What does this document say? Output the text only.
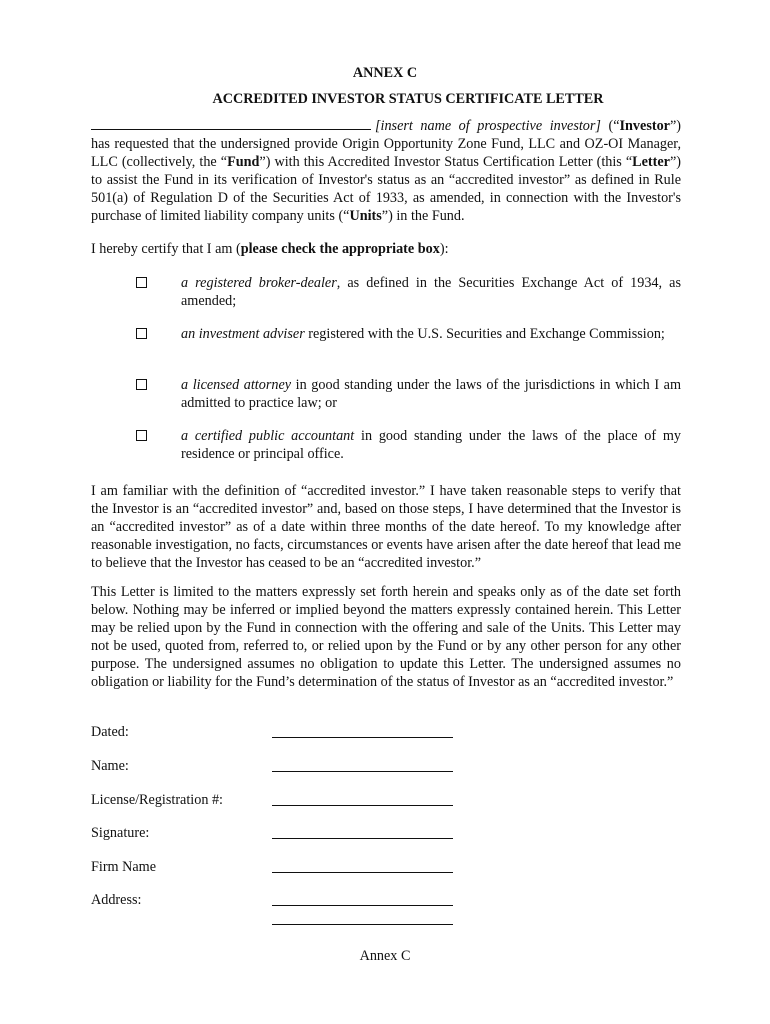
ANNEX C
ACCREDITED INVESTOR STATUS CERTIFICATE LETTER
[insert name of prospective investor] (“Investor”) has requested that the undersigned provide Origin Opportunity Zone Fund, LLC and OZ-OI Manager, LLC (collectively, the “Fund”) with this Accredited Investor Status Certification Letter (this “Letter”) to assist the Fund in its verification of Investor's status as an “accredited investor” as defined in Rule 501(a) of Regulation D of the Securities Act of 1933, as amended, in connection with the Investor's purchase of limited liability company units (“Units”) in the Fund.
I hereby certify that I am (please check the appropriate box):
a registered broker-dealer, as defined in the Securities Exchange Act of 1934, as amended;
an investment adviser registered with the U.S. Securities and Exchange Commission;
a licensed attorney in good standing under the laws of the jurisdictions in which I am admitted to practice law; or
a certified public accountant in good standing under the laws of the place of my residence or principal office.
I am familiar with the definition of “accredited investor.” I have taken reasonable steps to verify that the Investor is an “accredited investor” and, based on those steps, I have determined that the Investor is an “accredited investor” as of a date within three months of the date hereof. To my knowledge after reasonable investigation, no facts, circumstances or events have arisen after the date hereof that lead me to believe that the Investor has ceased to be an “accredited investor.”
This Letter is limited to the matters expressly set forth herein and speaks only as of the date set forth below. Nothing may be inferred or implied beyond the matters expressly contained herein. This Letter may be relied upon by the Fund in connection with the offering and sale of the Units. This Letter may not be used, quoted from, referred to, or relied upon by the Fund or by any other person for any other purpose. The undersigned assumes no obligation to update this Letter. The undersigned assumes no obligation or liability for the Fund’s determination of the status of Investor as an “accredited investor.”
Dated:
Name:
License/Registration #:
Signature:
Firm Name
Address:
Annex C
